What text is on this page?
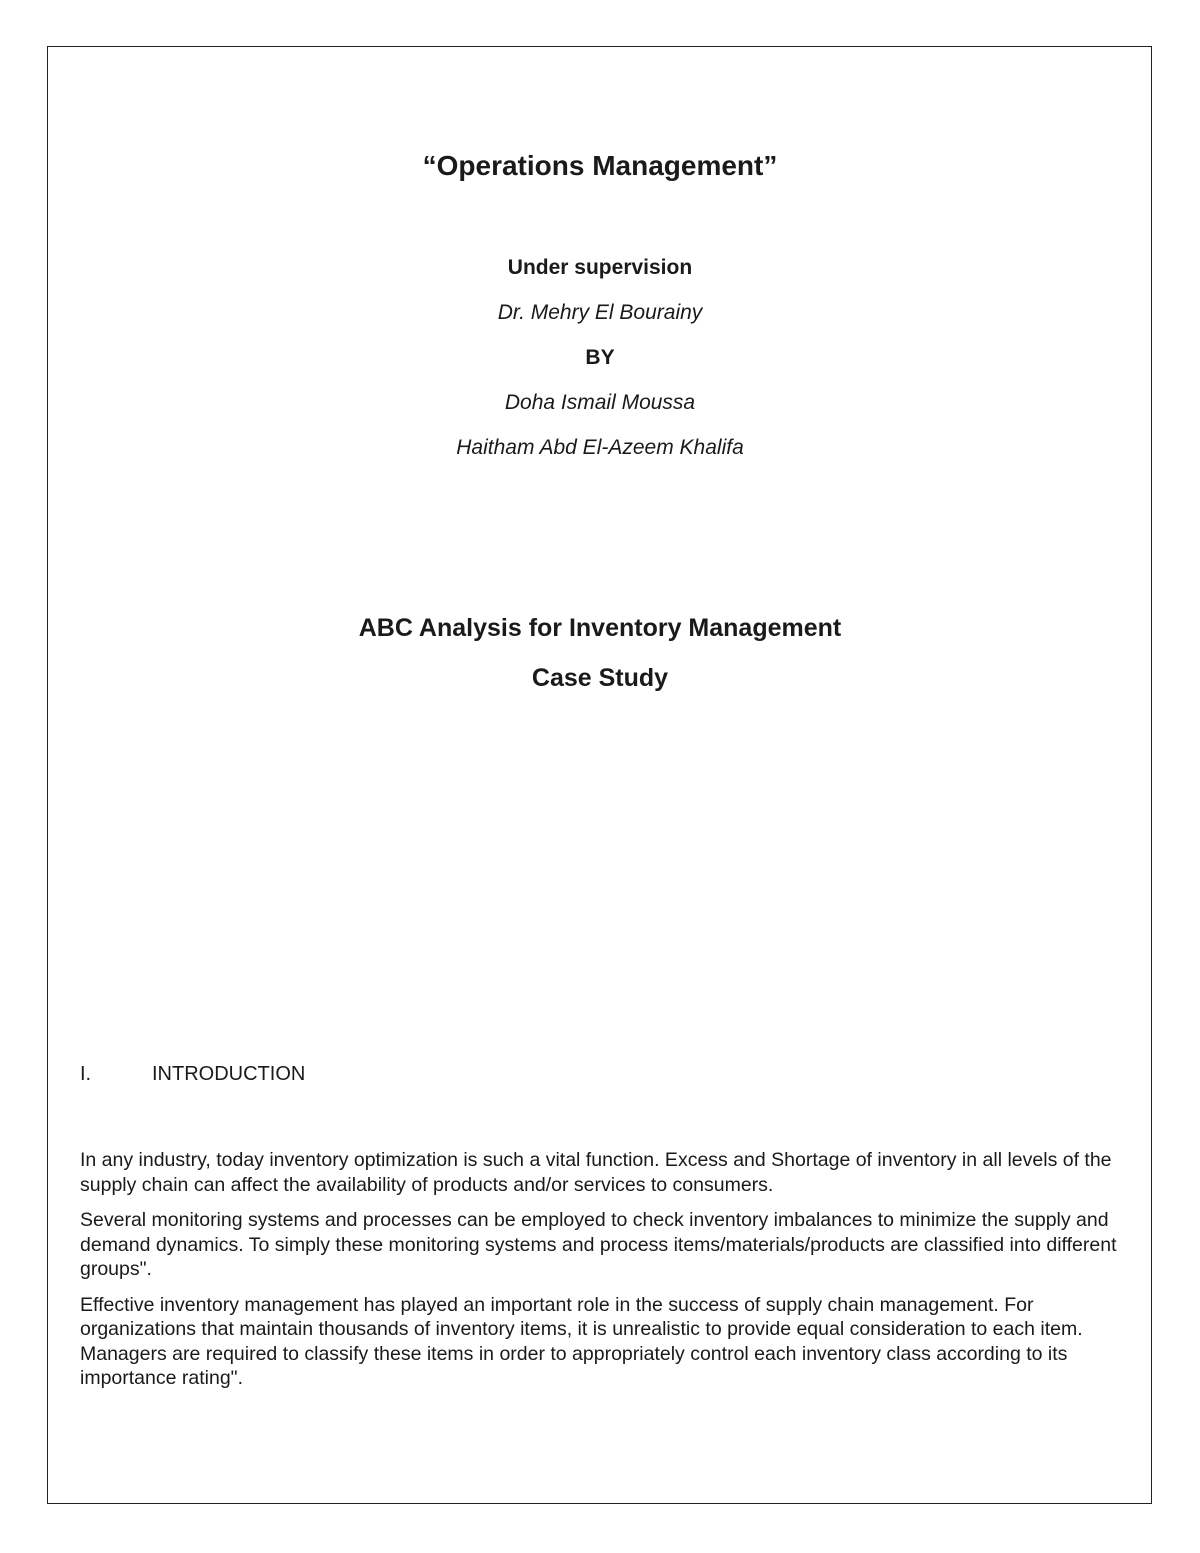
“Operations Management”
Under supervision
Dr. Mehry El Bourainy
BY
Doha Ismail Moussa
Haitham Abd El-Azeem Khalifa
ABC Analysis for Inventory Management
Case Study
I.	INTRODUCTION

In any industry, today inventory optimization is such a vital function. Excess and Shortage of inventory in all levels of the supply chain can affect the availability of products and/or services to consumers.

Several monitoring systems and processes can be employed to check inventory imbalances to minimize the supply and demand dynamics. To simply these monitoring systems and process items/materials/products are classified into different groups".

Effective inventory management has played an important role in the success of supply chain management. For organizations that maintain thousands of inventory items, it is unrealistic to provide equal consideration to each item. Managers are required to classify these items in order to appropriately control each inventory class according to its importance rating".
